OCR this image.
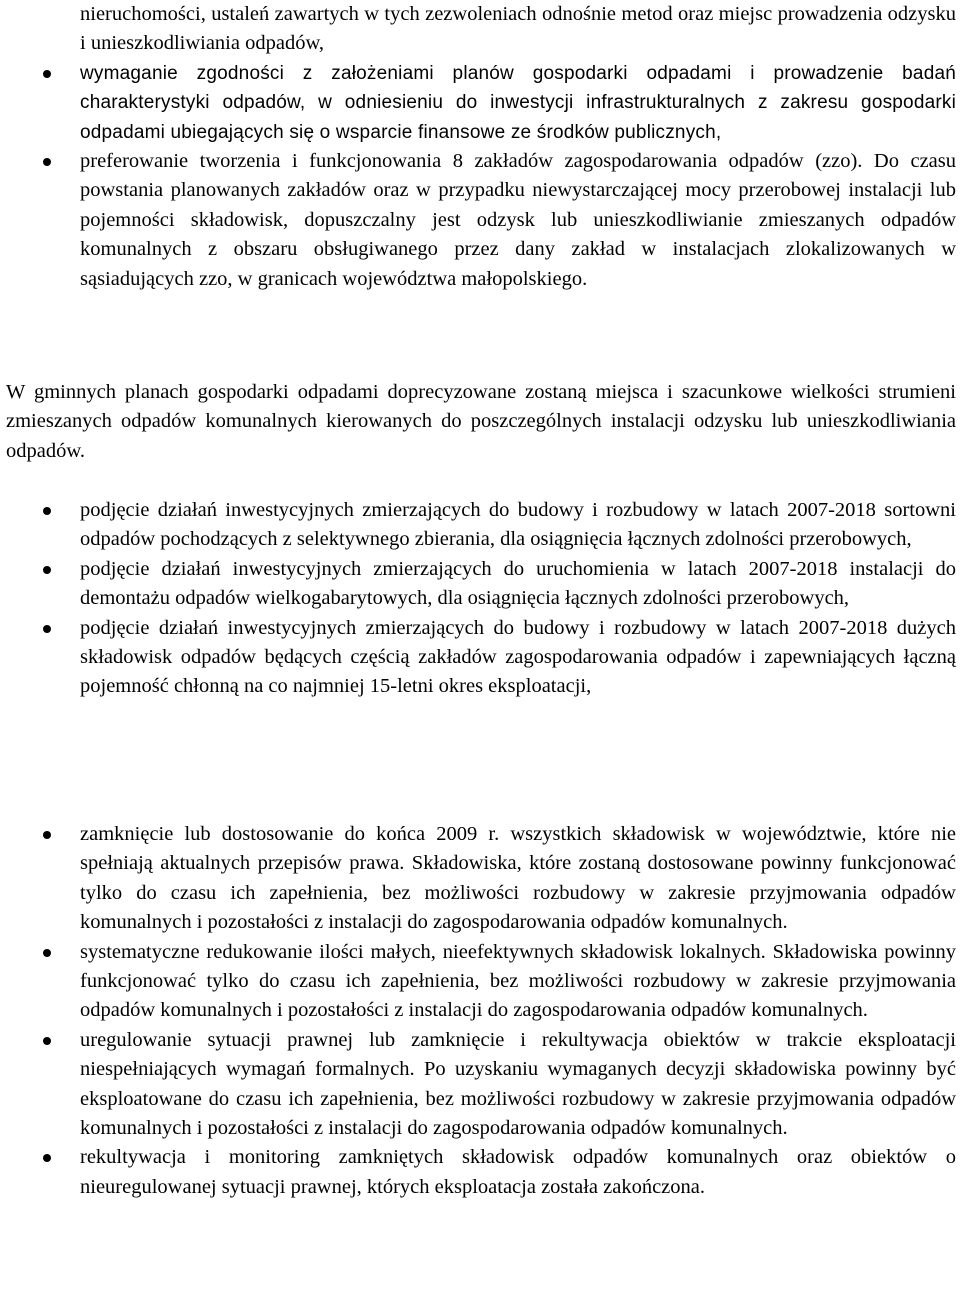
nieruchomości, ustaleń zawartych w tych zezwoleniach odnośnie metod oraz miejsc prowadzenia odzysku i unieszkodliwiania odpadów,
wymaganie zgodności z założeniami planów gospodarki odpadami i prowadzenie badań charakterystyki odpadów, w odniesieniu do inwestycji infrastrukturalnych z zakresu gospodarki odpadami ubiegających się o wsparcie finansowe ze środków publicznych,
preferowanie tworzenia i funkcjonowania 8 zakładów zagospodarowania odpadów (zzo). Do czasu powstania planowanych zakładów oraz w przypadku niewystarczającej mocy przerobowej instalacji lub pojemności składowisk, dopuszczalny jest odzysk lub unieszkodliwianie zmieszanych odpadów komunalnych z obszaru obsługiwanego przez dany zakład w instalacjach zlokalizowanych w sąsiadujących zzo, w granicach województwa małopolskiego.

W gminnych planach gospodarki odpadami doprecyzowane zostaną miejsca i szacunkowe wielkości strumieni zmieszanych odpadów komunalnych kierowanych do poszczególnych instalacji odzysku lub unieszkodliwiania odpadów.

podjęcie działań inwestycyjnych zmierzających do budowy i rozbudowy w latach 2007-2018 sortowni odpadów pochodzących z selektywnego zbierania, dla osiągnięcia łącznych zdolności przerobowych,
podjęcie działań inwestycyjnych zmierzających do uruchomienia w latach 2007-2018 instalacji do demontażu odpadów wielkogabarytowych, dla osiągnięcia łącznych zdolności przerobowych,
podjęcie działań inwestycyjnych zmierzających do budowy i rozbudowy w latach 2007-2018 dużych składowisk odpadów będących częścią zakładów zagospodarowania odpadów i zapewniających łączną pojemność chłonną na co najmniej 15-letni okres eksploatacji,
zamknięcie lub dostosowanie do końca 2009 r. wszystkich składowisk w województwie, które nie spełniają aktualnych przepisów prawa. Składowiska, które zostaną dostosowane powinny funkcjonować tylko do czasu ich zapełnienia, bez możliwości rozbudowy w zakresie przyjmowania odpadów komunalnych i pozostałości z instalacji do zagospodarowania odpadów komunalnych.
systematyczne redukowanie ilości małych, nieefektywnych składowisk lokalnych. Składowiska powinny funkcjonować tylko do czasu ich zapełnienia, bez możliwości rozbudowy w zakresie przyjmowania odpadów komunalnych i pozostałości z instalacji do zagospodarowania odpadów komunalnych.
uregulowanie sytuacji prawnej lub zamknięcie i rekultywacja obiektów w trakcie eksploatacji niespełniających wymagań formalnych. Po uzyskaniu wymaganych decyzji składowiska powinny być eksploatowane do czasu ich zapełnienia, bez możliwości rozbudowy w zakresie przyjmowania odpadów komunalnych i pozostałości z instalacji do zagospodarowania odpadów komunalnych.
rekultywacja i monitoring zamkniętych składowisk odpadów komunalnych oraz obiektów o nieuregulowanej sytuacji prawnej, których eksploatacja została zakończona.
